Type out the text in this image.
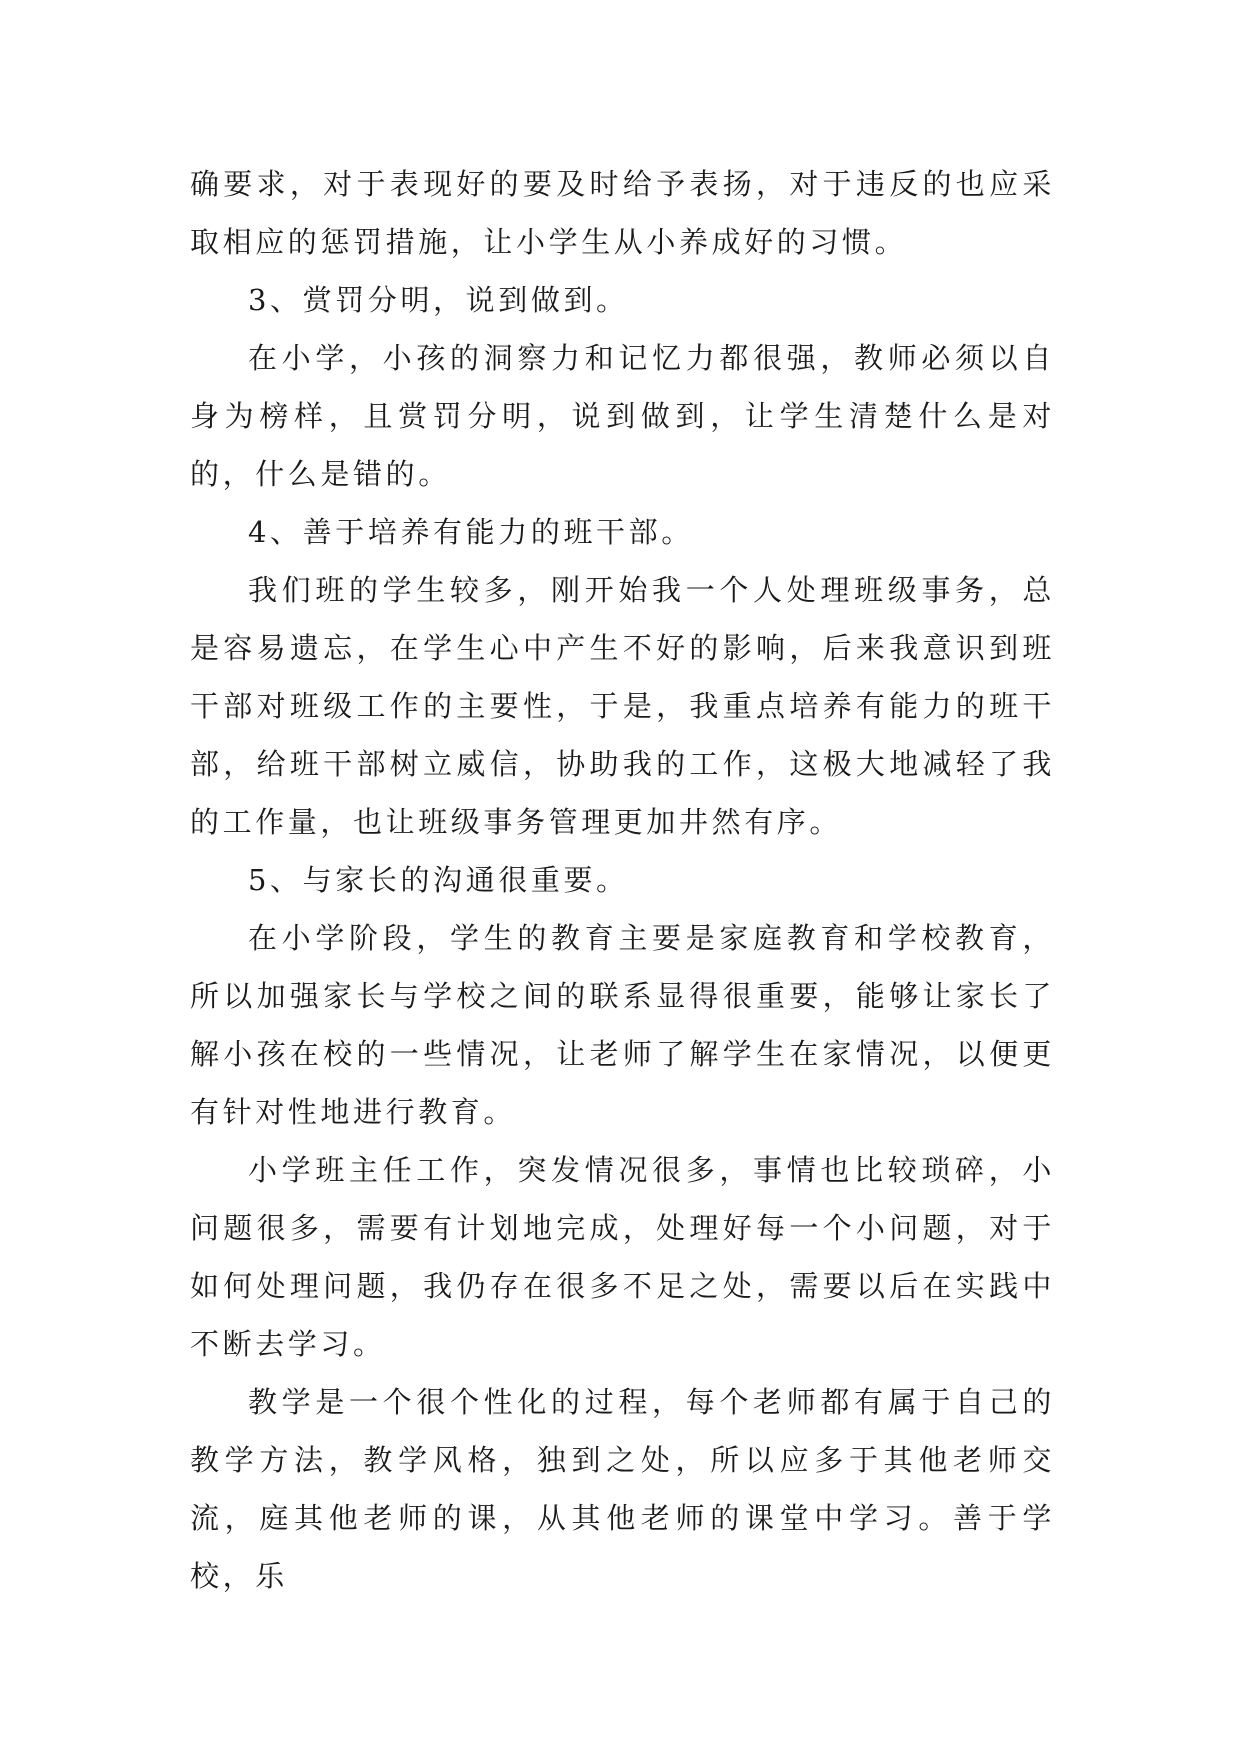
确要求，对于表现好的要及时给予表扬，对于违反的也应采取相应的惩罚措施，让小学生从小养成好的习惯。

3、赏罚分明，说到做到。

在小学，小孩的洞察力和记忆力都很强，教师必须以自身为榜样，且赏罚分明，说到做到，让学生清楚什么是对的，什么是错的。

4、善于培养有能力的班干部。

我们班的学生较多，刚开始我一个人处理班级事务，总是容易遗忘，在学生心中产生不好的影响，后来我意识到班干部对班级工作的主要性，于是，我重点培养有能力的班干部，给班干部树立威信，协助我的工作，这极大地减轻了我的工作量，也让班级事务管理更加井然有序。

5、与家长的沟通很重要。

在小学阶段，学生的教育主要是家庭教育和学校教育，所以加强家长与学校之间的联系显得很重要，能够让家长了解小孩在校的一些情况，让老师了解学生在家情况，以便更有针对性地进行教育。

小学班主任工作，突发情况很多，事情也比较琐碎，小问题很多，需要有计划地完成，处理好每一个小问题，对于如何处理问题，我仍存在很多不足之处，需要以后在实践中不断去学习。

教学是一个很个性化的过程，每个老师都有属于自己的教学方法，教学风格，独到之处，所以应多于其他老师交流，庭其他老师的课，从其他老师的课堂中学习。善于学校，乐
